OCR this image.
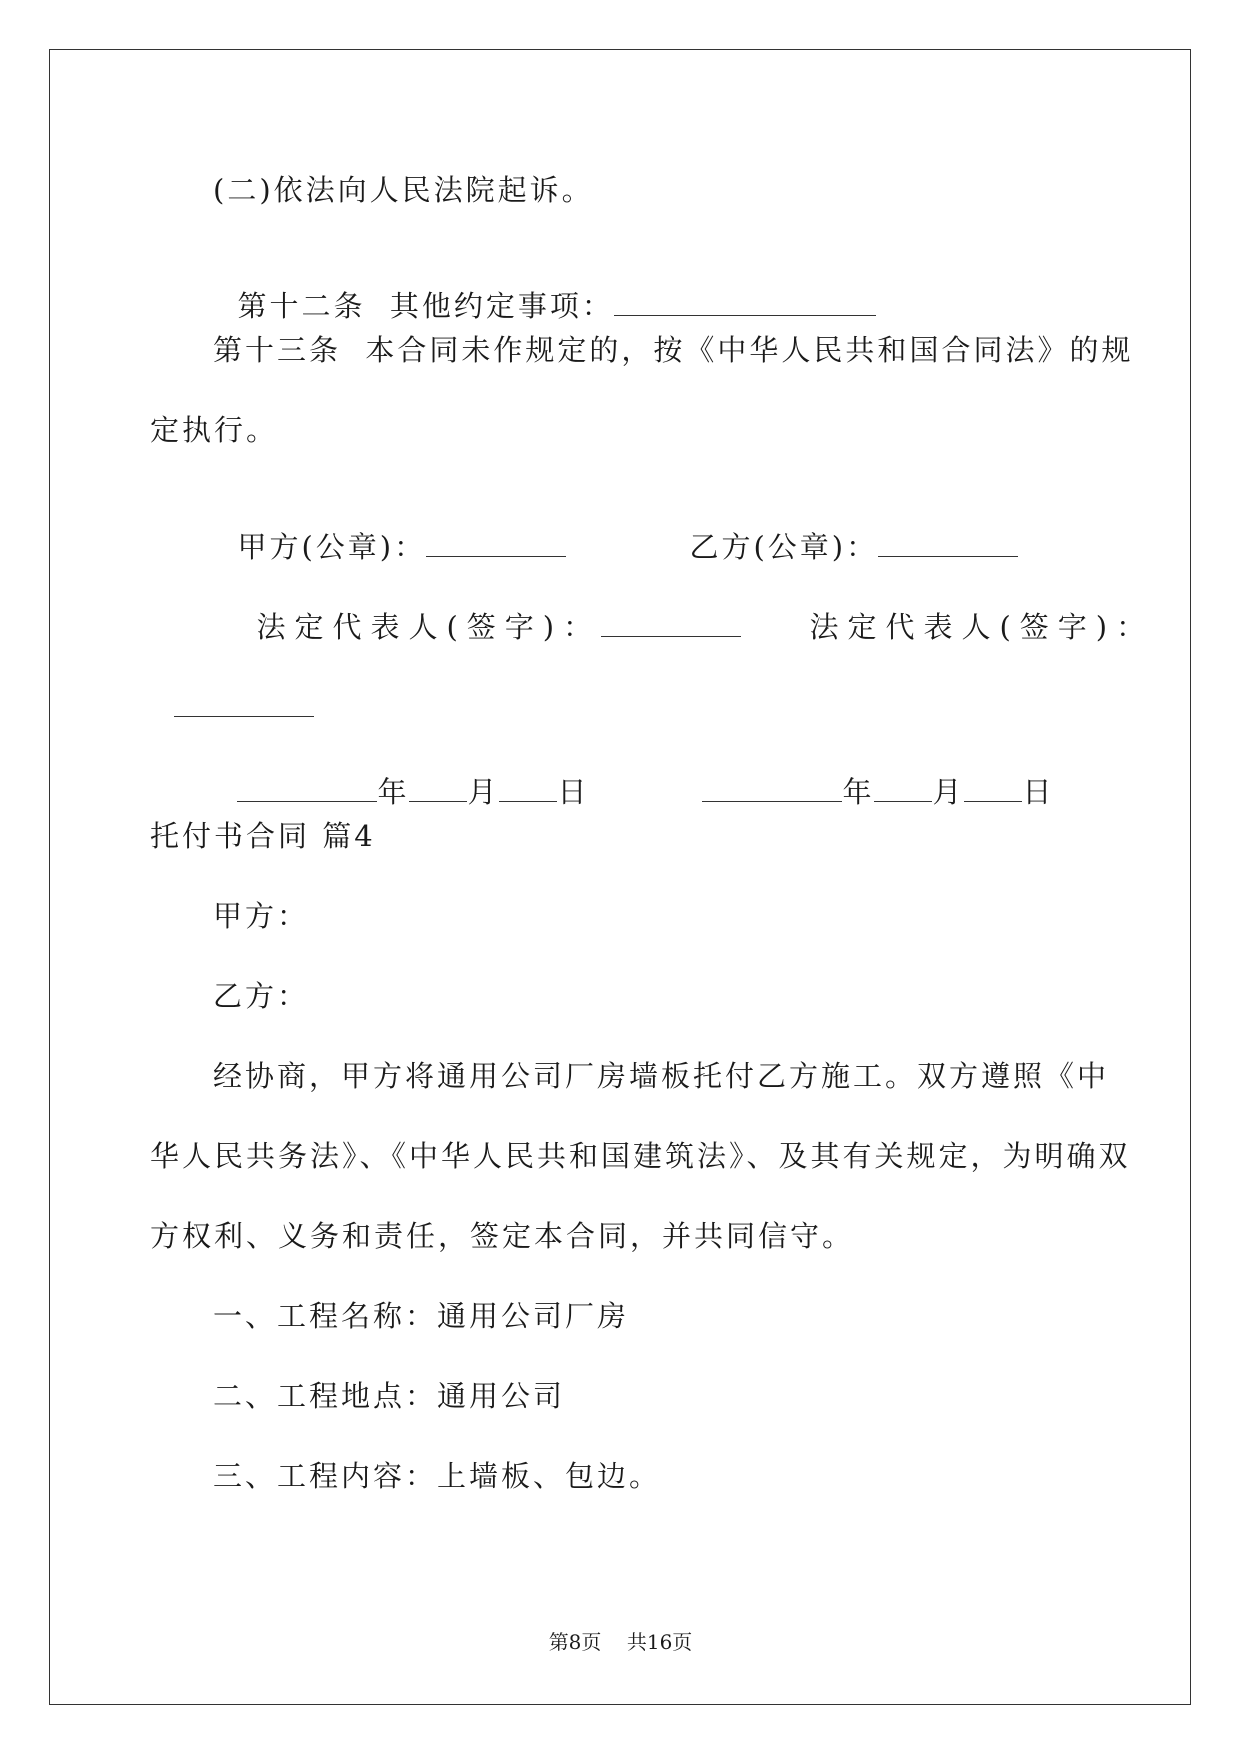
(二)依法向人民法院起诉。

第十二条  其他约定事项：

第十三条  本合同未作规定的，按《中华人民共和国合同法》的规
定执行。

甲方(公章)：	乙方(公章)：

法定代表人(签字)：	法定代表人(签字)：

年 月 日	年 月 日

托付书合同 篇4
甲方：
乙方：
经协商，甲方将通用公司厂房墙板托付乙方施工。双方遵照《中
华人民共务法》、《中华人民共和国建筑法》、及其有关规定，为明确双
方权利、义务和责任，签定本合同，并共同信守。
一、工程名称：通用公司厂房
二、工程地点：通用公司
三、工程内容：上墙板、包边。
第8页    共16页
